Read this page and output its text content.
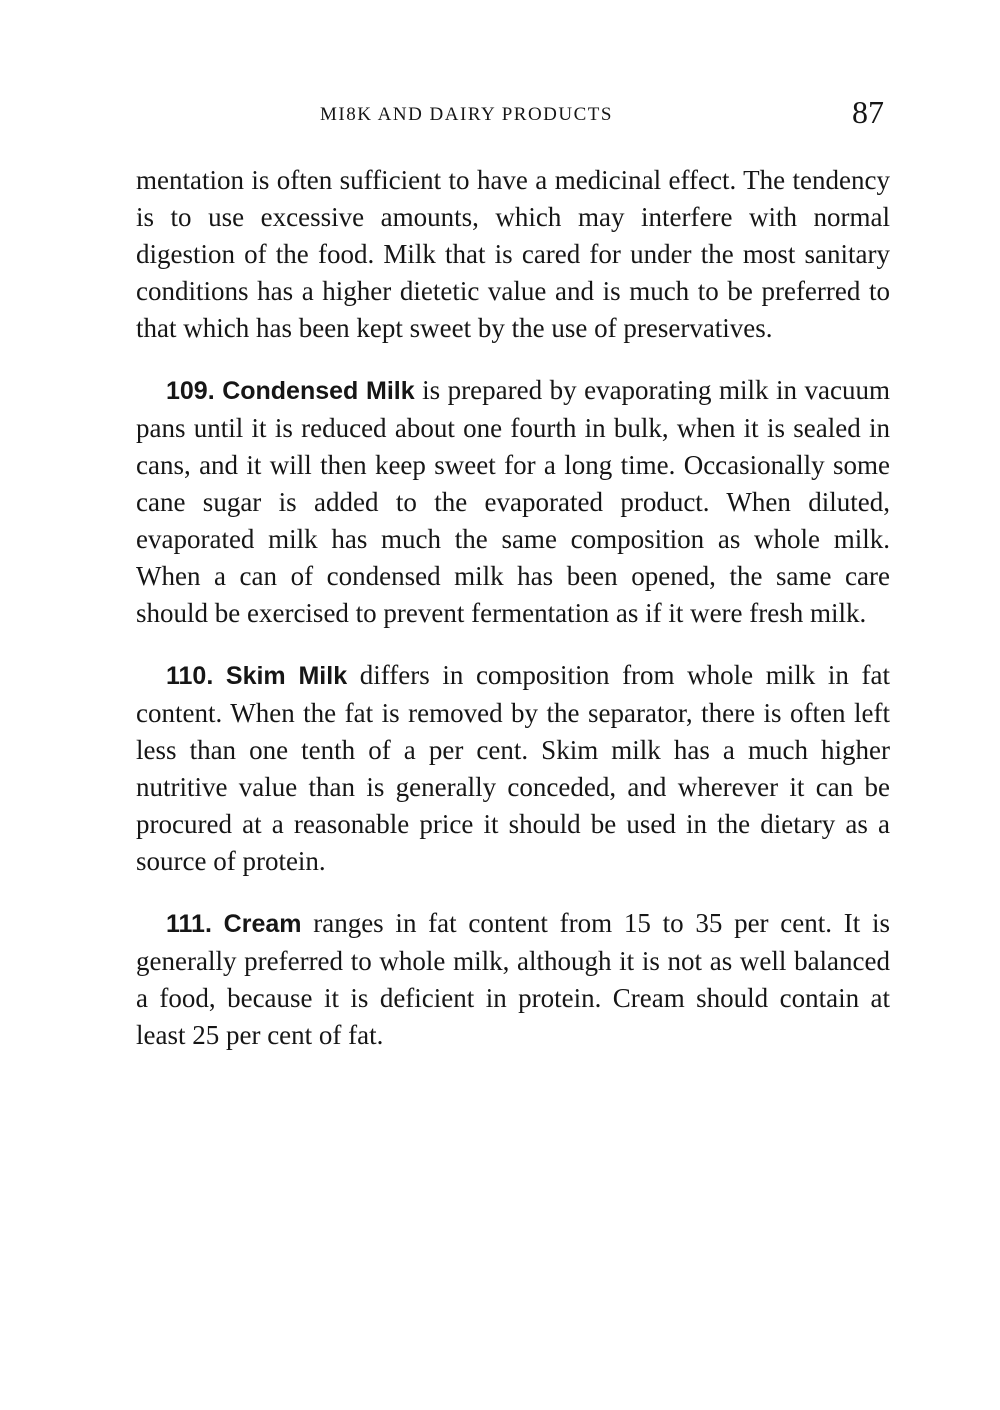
MI8K AND DAIRY PRODUCTS	87

mentation is often sufficient to have a medicinal effect. The tendency is to use excessive amounts, which may interfere with normal digestion of the food. Milk that is cared for under the most sanitary conditions has a higher dietetic value and is much to be preferred to that which has been kept sweet by the use of preservatives.

109. Condensed Milk is prepared by evaporating milk in vacuum pans until it is reduced about one fourth in bulk, when it is sealed in cans, and it will then keep sweet for a long time. Occasionally some cane sugar is added to the evaporated product. When diluted, evaporated milk has much the same composition as whole milk. When a can of condensed milk has been opened, the same care should be exercised to prevent fermentation as if it were fresh milk.

110. Skim Milk differs in composition from whole milk in fat content. When the fat is removed by the separator, there is often left less than one tenth of a per cent. Skim milk has a much higher nutritive value than is generally conceded, and wherever it can be procured at a reasonable price it should be used in the dietary as a source of protein.

111. Cream ranges in fat content from 15 to 35 per cent. It is generally preferred to whole milk, although it is not as well balanced a food, because it is deficient in protein. Cream should contain at least 25 per cent of fat.
